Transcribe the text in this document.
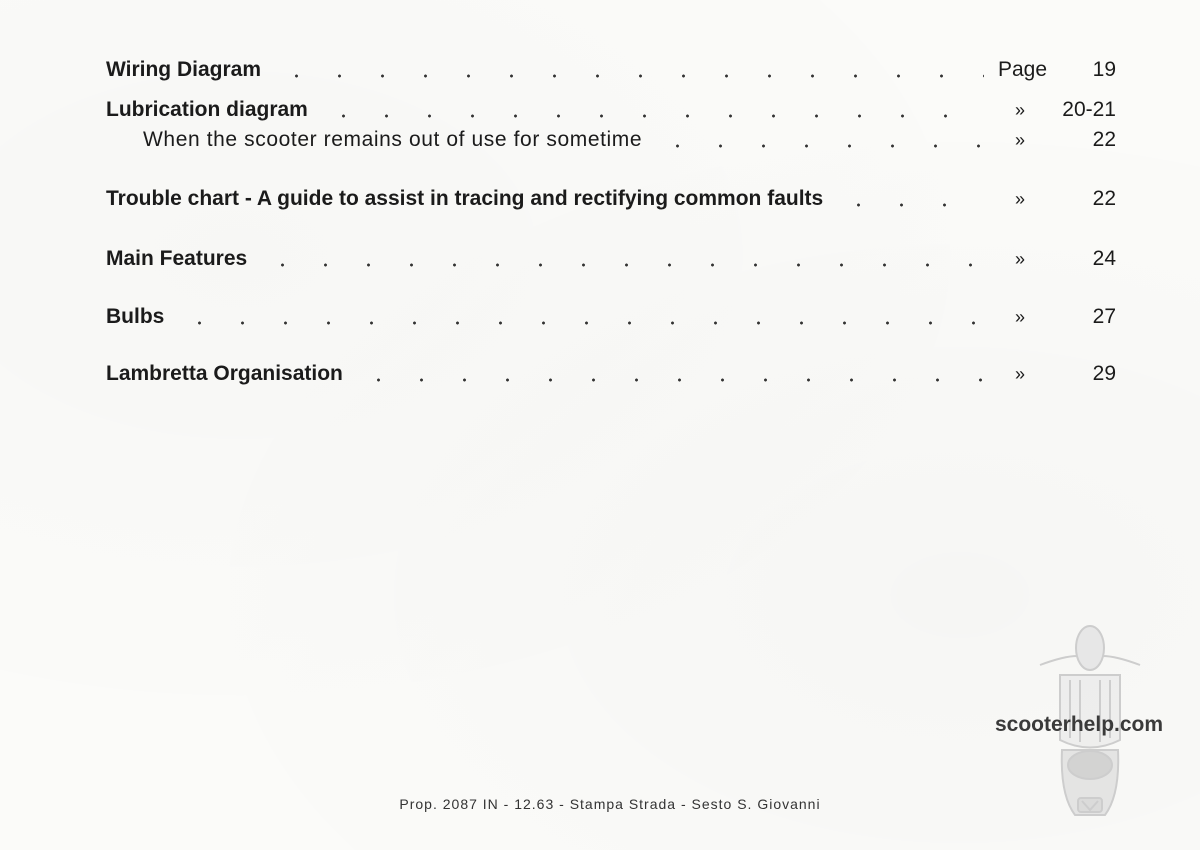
Wiring Diagram	Page	19
Lubrication diagram	»	20-21
When the scooter remains out of use for sometime	»	22
Trouble chart - A guide to assist in tracing and rectifying common faults	»	22
Main Features	»	24
Bulbs	»	27
Lambretta Organisation	»	29
scooterhelp.com
Prop. 2087 IN - 12.63 - Stampa Strada - Sesto S. Giovanni
